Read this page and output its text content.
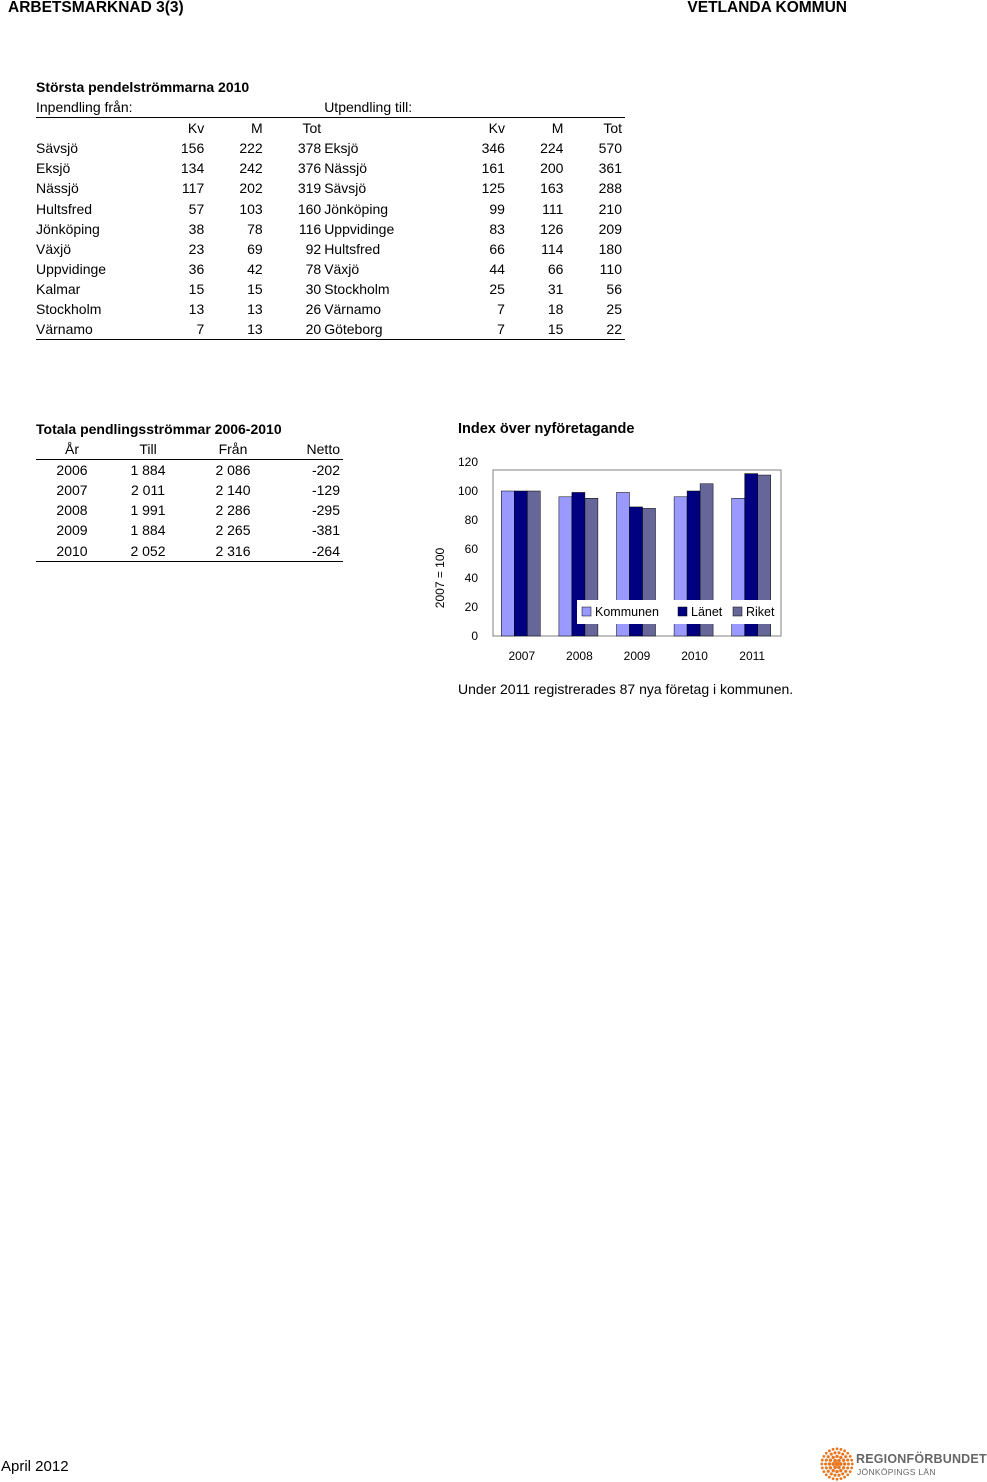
ARBETSMARKNAD 3(3)	VETLANDA KOMMUN
Största pendelströmmarna 2010
Inpendling från:				Utpendling till:			
	Kv	M	Tot		Kv	M	Tot
Sävsjö	156	222	378	Eksjö	346	224	570
Eksjö	134	242	376	Nässjö	161	200	361
Nässjö	117	202	319	Sävsjö	125	163	288
Hultsfred	57	103	160	Jönköping	99	111	210
Jönköping	38	78	116	Uppvidinge	83	126	209
Växjö	23	69	92	Hultsfred	66	114	180
Uppvidinge	36	42	78	Växjö	44	66	110
Kalmar	15	15	30	Stockholm	25	31	56
Stockholm	13	13	26	Värnamo	7	18	25
Värnamo	7	13	20	Göteborg	7	15	22
Totala pendlingsströmmar 2006-2010
År	Till	Från	Netto
2006	1 884	2 086	-202
2007	2 011	2 140	-129
2008	1 991	2 286	-295
2009	1 884	2 265	-381
2010	2 052	2 316	-264
Index över nyföretagande
0
20
40
60
80
100
120
2007 = 100
2007	2008	2009	2010	2011
Kommunen	Länet Riket
Under 2011 registrerades 87 nya företag i kommunen.
April 2012	REGIONFÖRBUNDET
JÖNKÖPINGS LÄN
